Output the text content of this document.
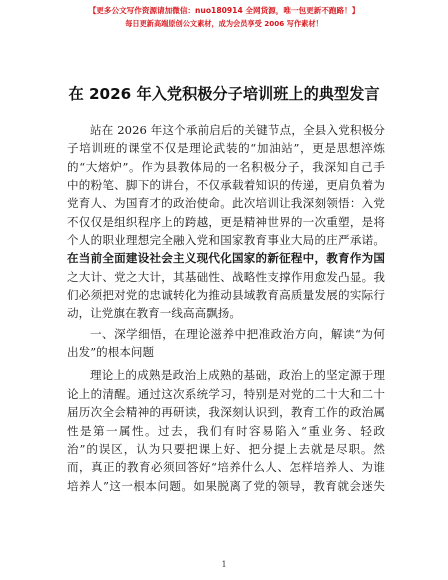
【更多公文写作资源请加微信：nuo180914 全网货源，唯一包更新不跑路！】
每日更新高端原创公文素材，成为会员享受 2006 写作素材！
在 2026 年入党积极分子培训班上的典型发言
站在 2026 年这个承前启后的关键节点，全县入党积极分
子培训班的课堂不仅是理论武装的“加油站”，更是思想淬炼
的“大熔炉”。作为县教体局的一名积极分子，我深知自己手
中的粉笔、脚下的讲台，不仅承载着知识的传递，更肩负着为
党育人、为国育才的政治使命。此次培训让我深刻领悟：入党
不仅仅是组织程序上的跨越，更是精神世界的一次重塑，是将
个人的职业理想完全融入党和国家教育事业大局的庄严承诺。
在当前全面建设社会主义现代化国家的新征程中，教育作为国
之大计、党之大计，其基础性、战略性支撑作用愈发凸显。我
们必须把对党的忠诚转化为推动县域教育高质量发展的实际行
动，让党旗在教育一线高高飘扬。
一、深学细悟，在理论滋养中把准政治方向，解读“为何
出发”的根本问题
理论上的成熟是政治上成熟的基础，政治上的坚定源于理
论上的清醒。通过这次系统学习，特别是对党的二十大和二十
届历次全会精神的再研读，我深刻认识到，教育工作的政治属
性是第一属性。过去，我们有时容易陷入“重业务、轻政
治”的误区，认为只要把课上好、把分提上去就是尽职。然
而，真正的教育必须回答好“培养什么人、怎样培养人、为谁
培养人”这一根本问题。如果脱离了党的领导，教育就会迷失
1
